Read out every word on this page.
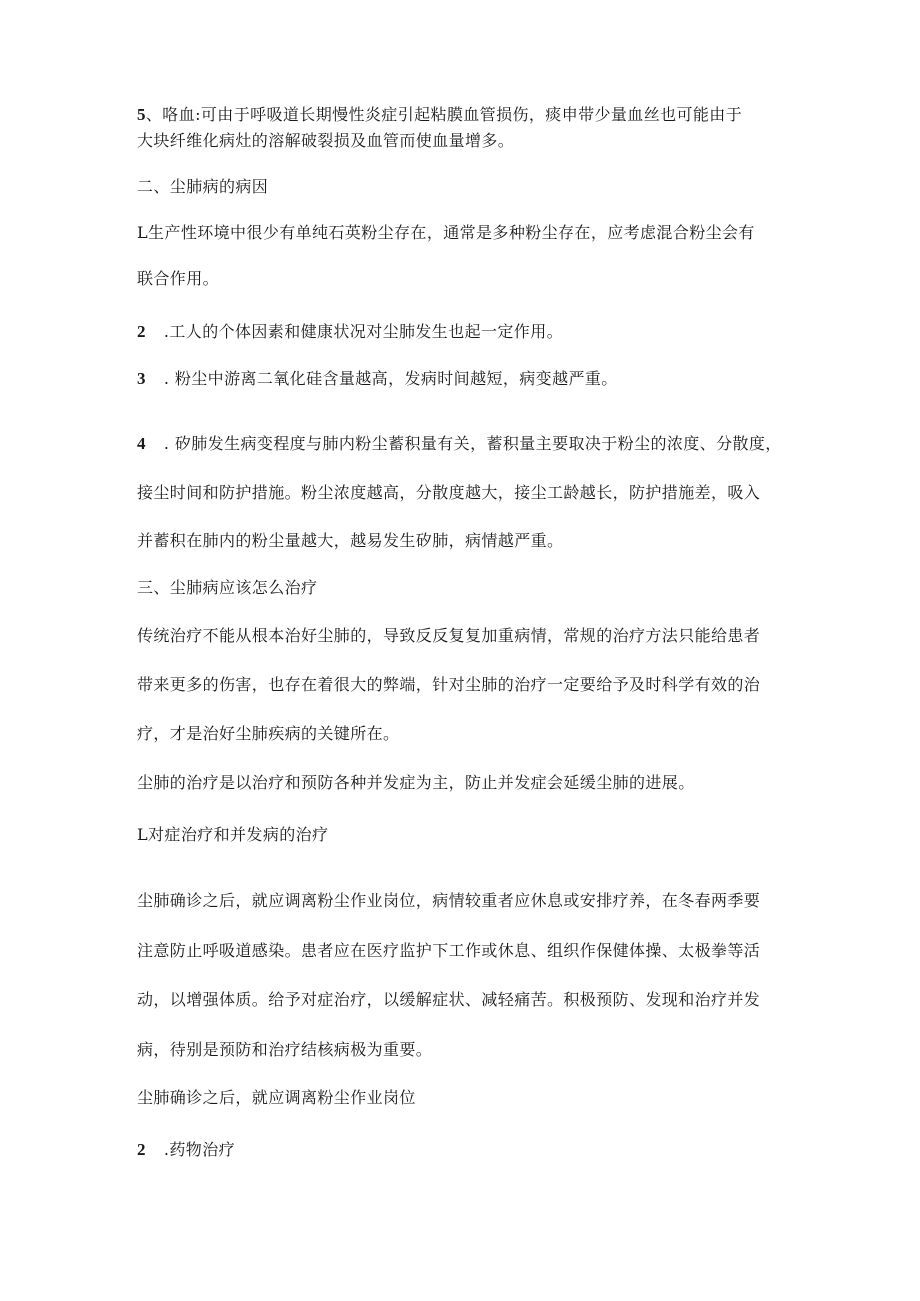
5、咯血:可由于呼吸道长期慢性炎症引起粘膜血管损伤，痰申带少量血丝也可能由于
大块纤维化病灶的溶解破裂损及血管而使血量增多。
二、尘肺病的病因
L生产性环境中很少有单纯石英粉尘存在，通常是多种粉尘存在，应考虑混合粉尘会有
联合作用。
2 .工人的个体因素和健康状况对尘肺发生也起一定作用。
3 . 粉尘中游离二氧化硅含量越高，发病时间越短，病变越严重。
4 . 矽肺发生病变程度与肺内粉尘蓄积量有关，蓄积量主要取决于粉尘的浓度、分散度，
接尘时间和防护措施。粉尘浓度越高，分散度越大，接尘工龄越长，防护措施差，吸入
并蓄积在肺内的粉尘量越大，越易发生矽肺，病情越严重。
三、尘肺病应该怎么治疗
传统治疗不能从根本治好尘肺的，导致反反复复加重病情，常规的治疗方法只能给患者
带来更多的伤害，也存在着很大的弊端，针对尘肺的治疗一定要给予及时科学有效的治
疗，才是治好尘肺疾病的关键所在。
尘肺的治疗是以治疗和预防各种并发症为主，防止并发症会延缓尘肺的进展。
L对症治疗和并发病的治疗
尘肺确诊之后，就应调离粉尘作业岗位，病情较重者应休息或安排疗养，在冬春两季要
注意防止呼吸道感染。患者应在医疗监护下工作或休息、组织作保健体操、太极拳等活
动，以增强体质。给予对症治疗，以缓解症状、减轻痛苦。积极预防、发现和治疗并发
病，待别是预防和治疗结核病极为重要。
尘肺确诊之后，就应调离粉尘作业岗位
2 .药物治疗
